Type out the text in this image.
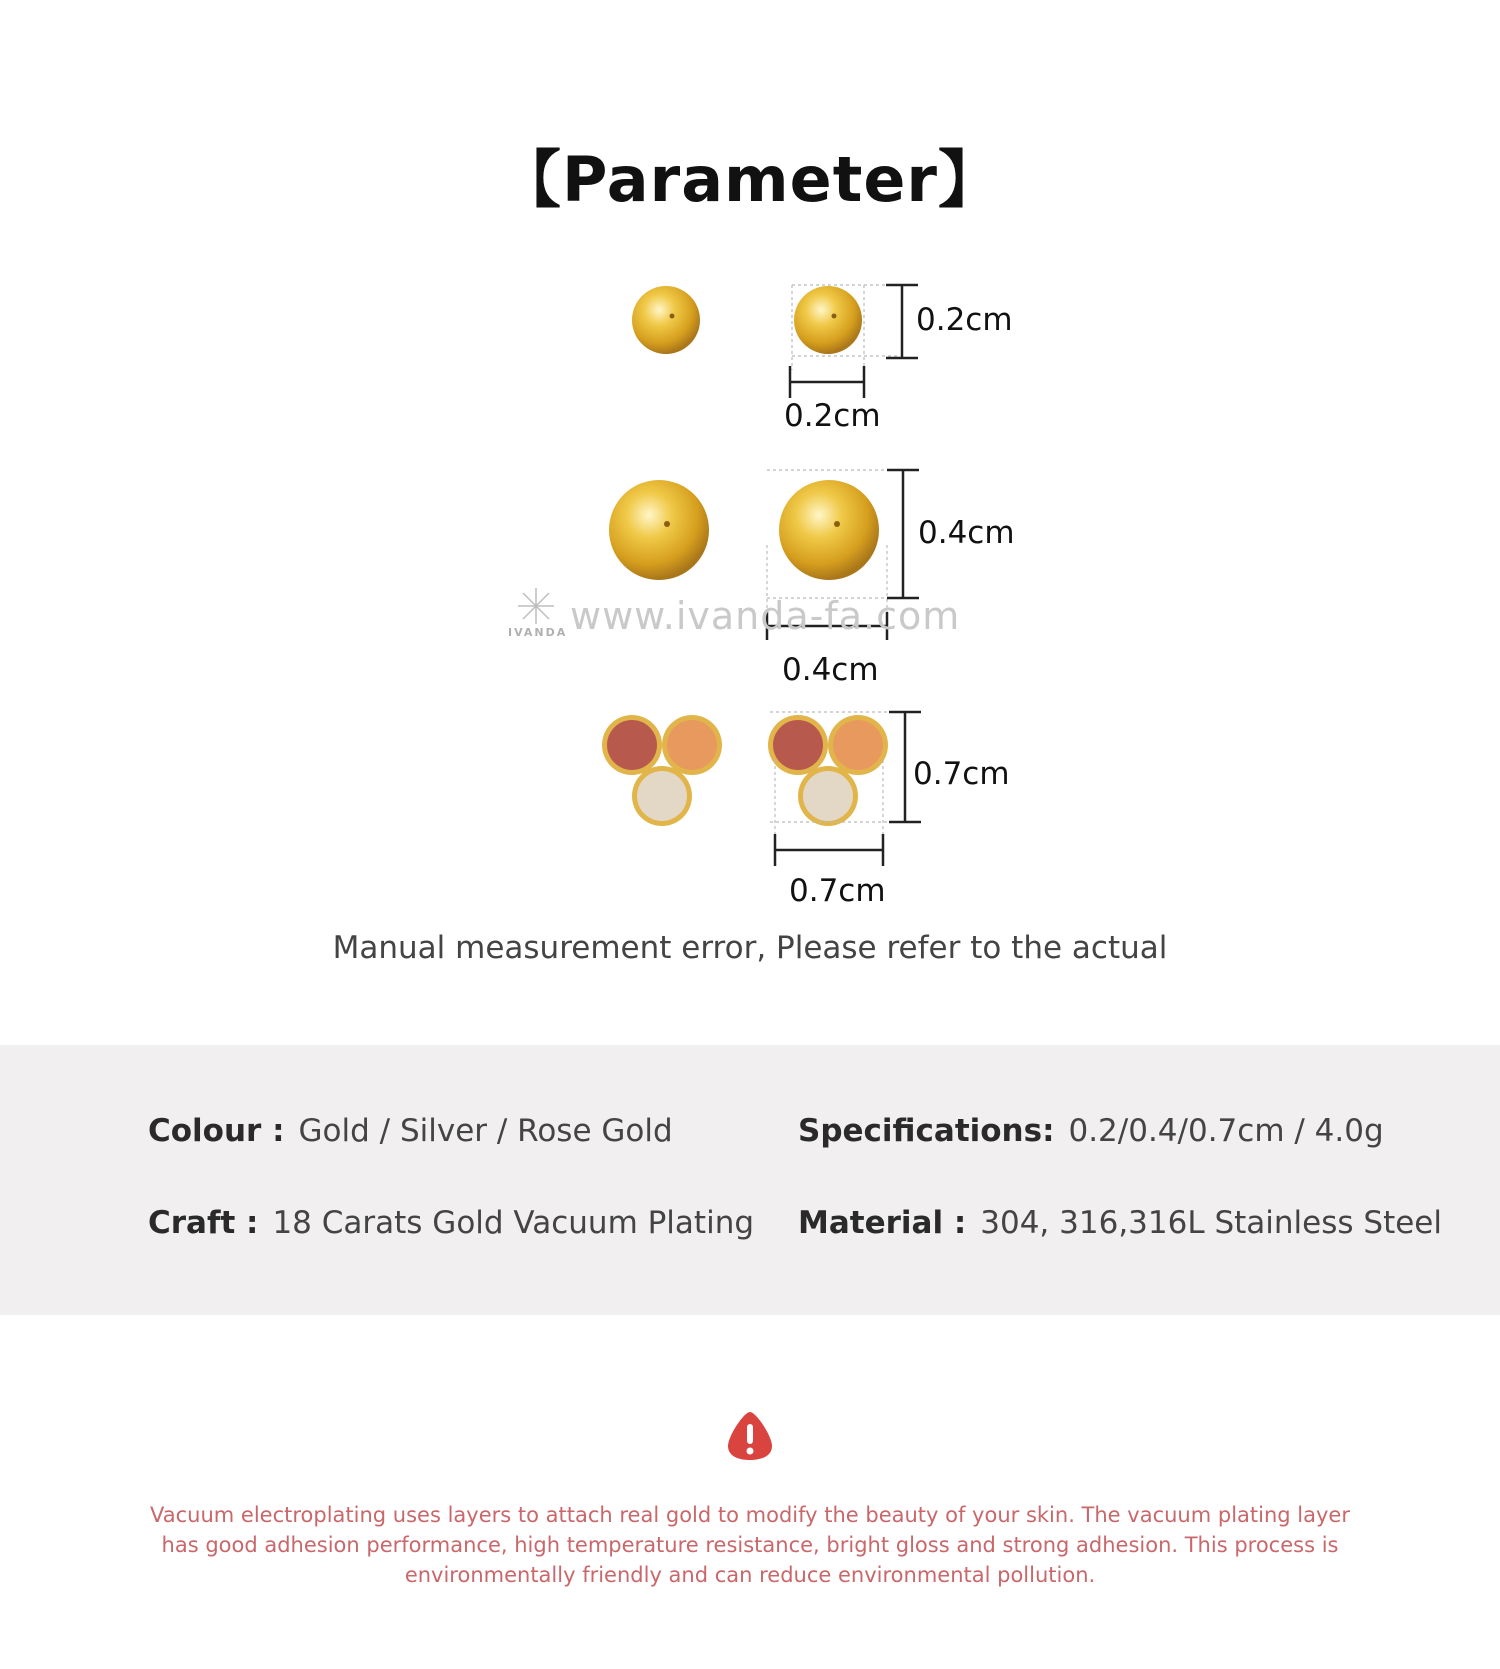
【Parameter】
0.2cm
0.2cm
0.4cm
0.4cm
0.7cm
0.7cm
IVANDA www.ivanda-fa.com
Manual measurement error, Please refer to the actual
Colour : Gold / Silver / Rose Gold	Specifications: 0.2/0.4/0.7cm / 4.0g
Craft : 18 Carats Gold Vacuum Plating Material : 304, 316,316L Stainless Steel
Vacuum electroplating uses layers to attach real gold to modify the beauty of your skin. The vacuum plating layer has good adhesion performance, high temperature resistance, bright gloss and strong adhesion. This process is environmentally friendly and can reduce environmental pollution.
